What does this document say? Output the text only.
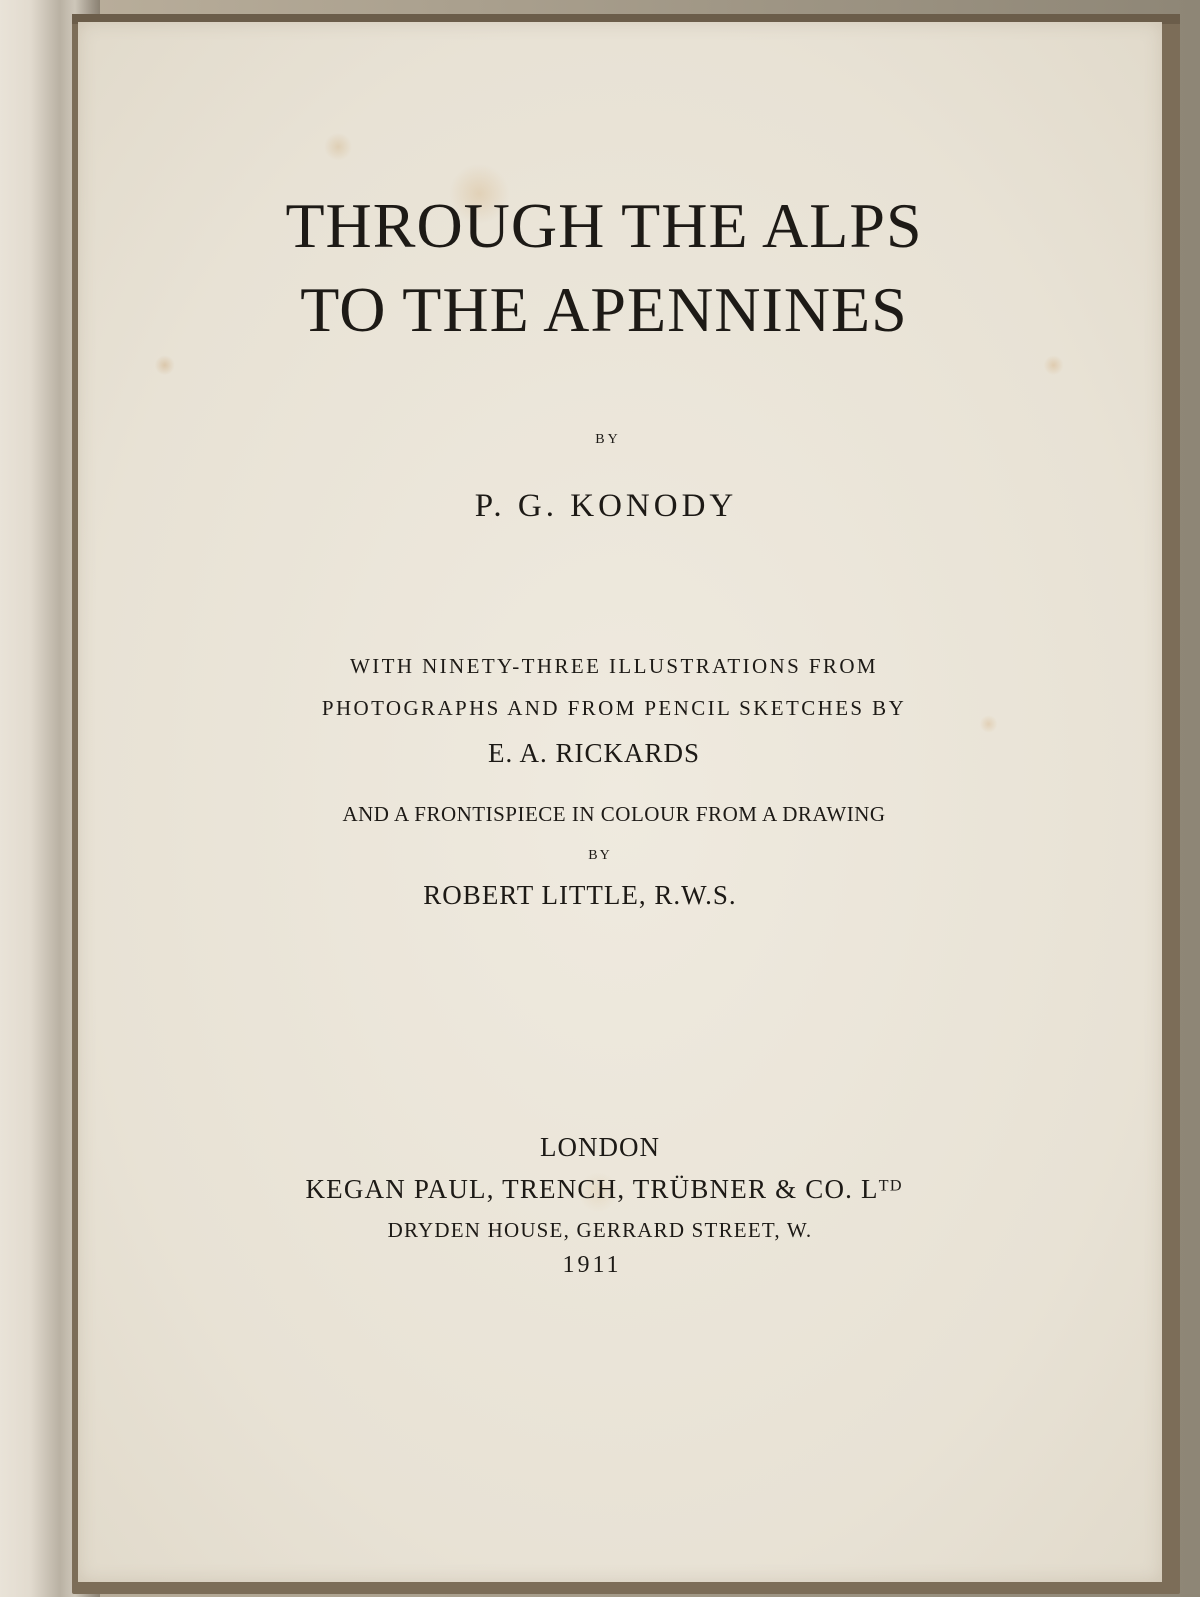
THROUGH THE ALPS
TO THE APENNINES
BY
P. G. KONODY
WITH NINETY-THREE ILLUSTRATIONS FROM
PHOTOGRAPHS AND FROM PENCIL SKETCHES BY
E. A. RICKARDS
AND A FRONTISPIECE IN COLOUR FROM A DRAWING
BY
ROBERT LITTLE, R.W.S.
LONDON
KEGAN PAUL, TRENCH, TRÜBNER & CO. Lᵀᴰ
DRYDEN HOUSE, GERRARD STREET, W.
1911
